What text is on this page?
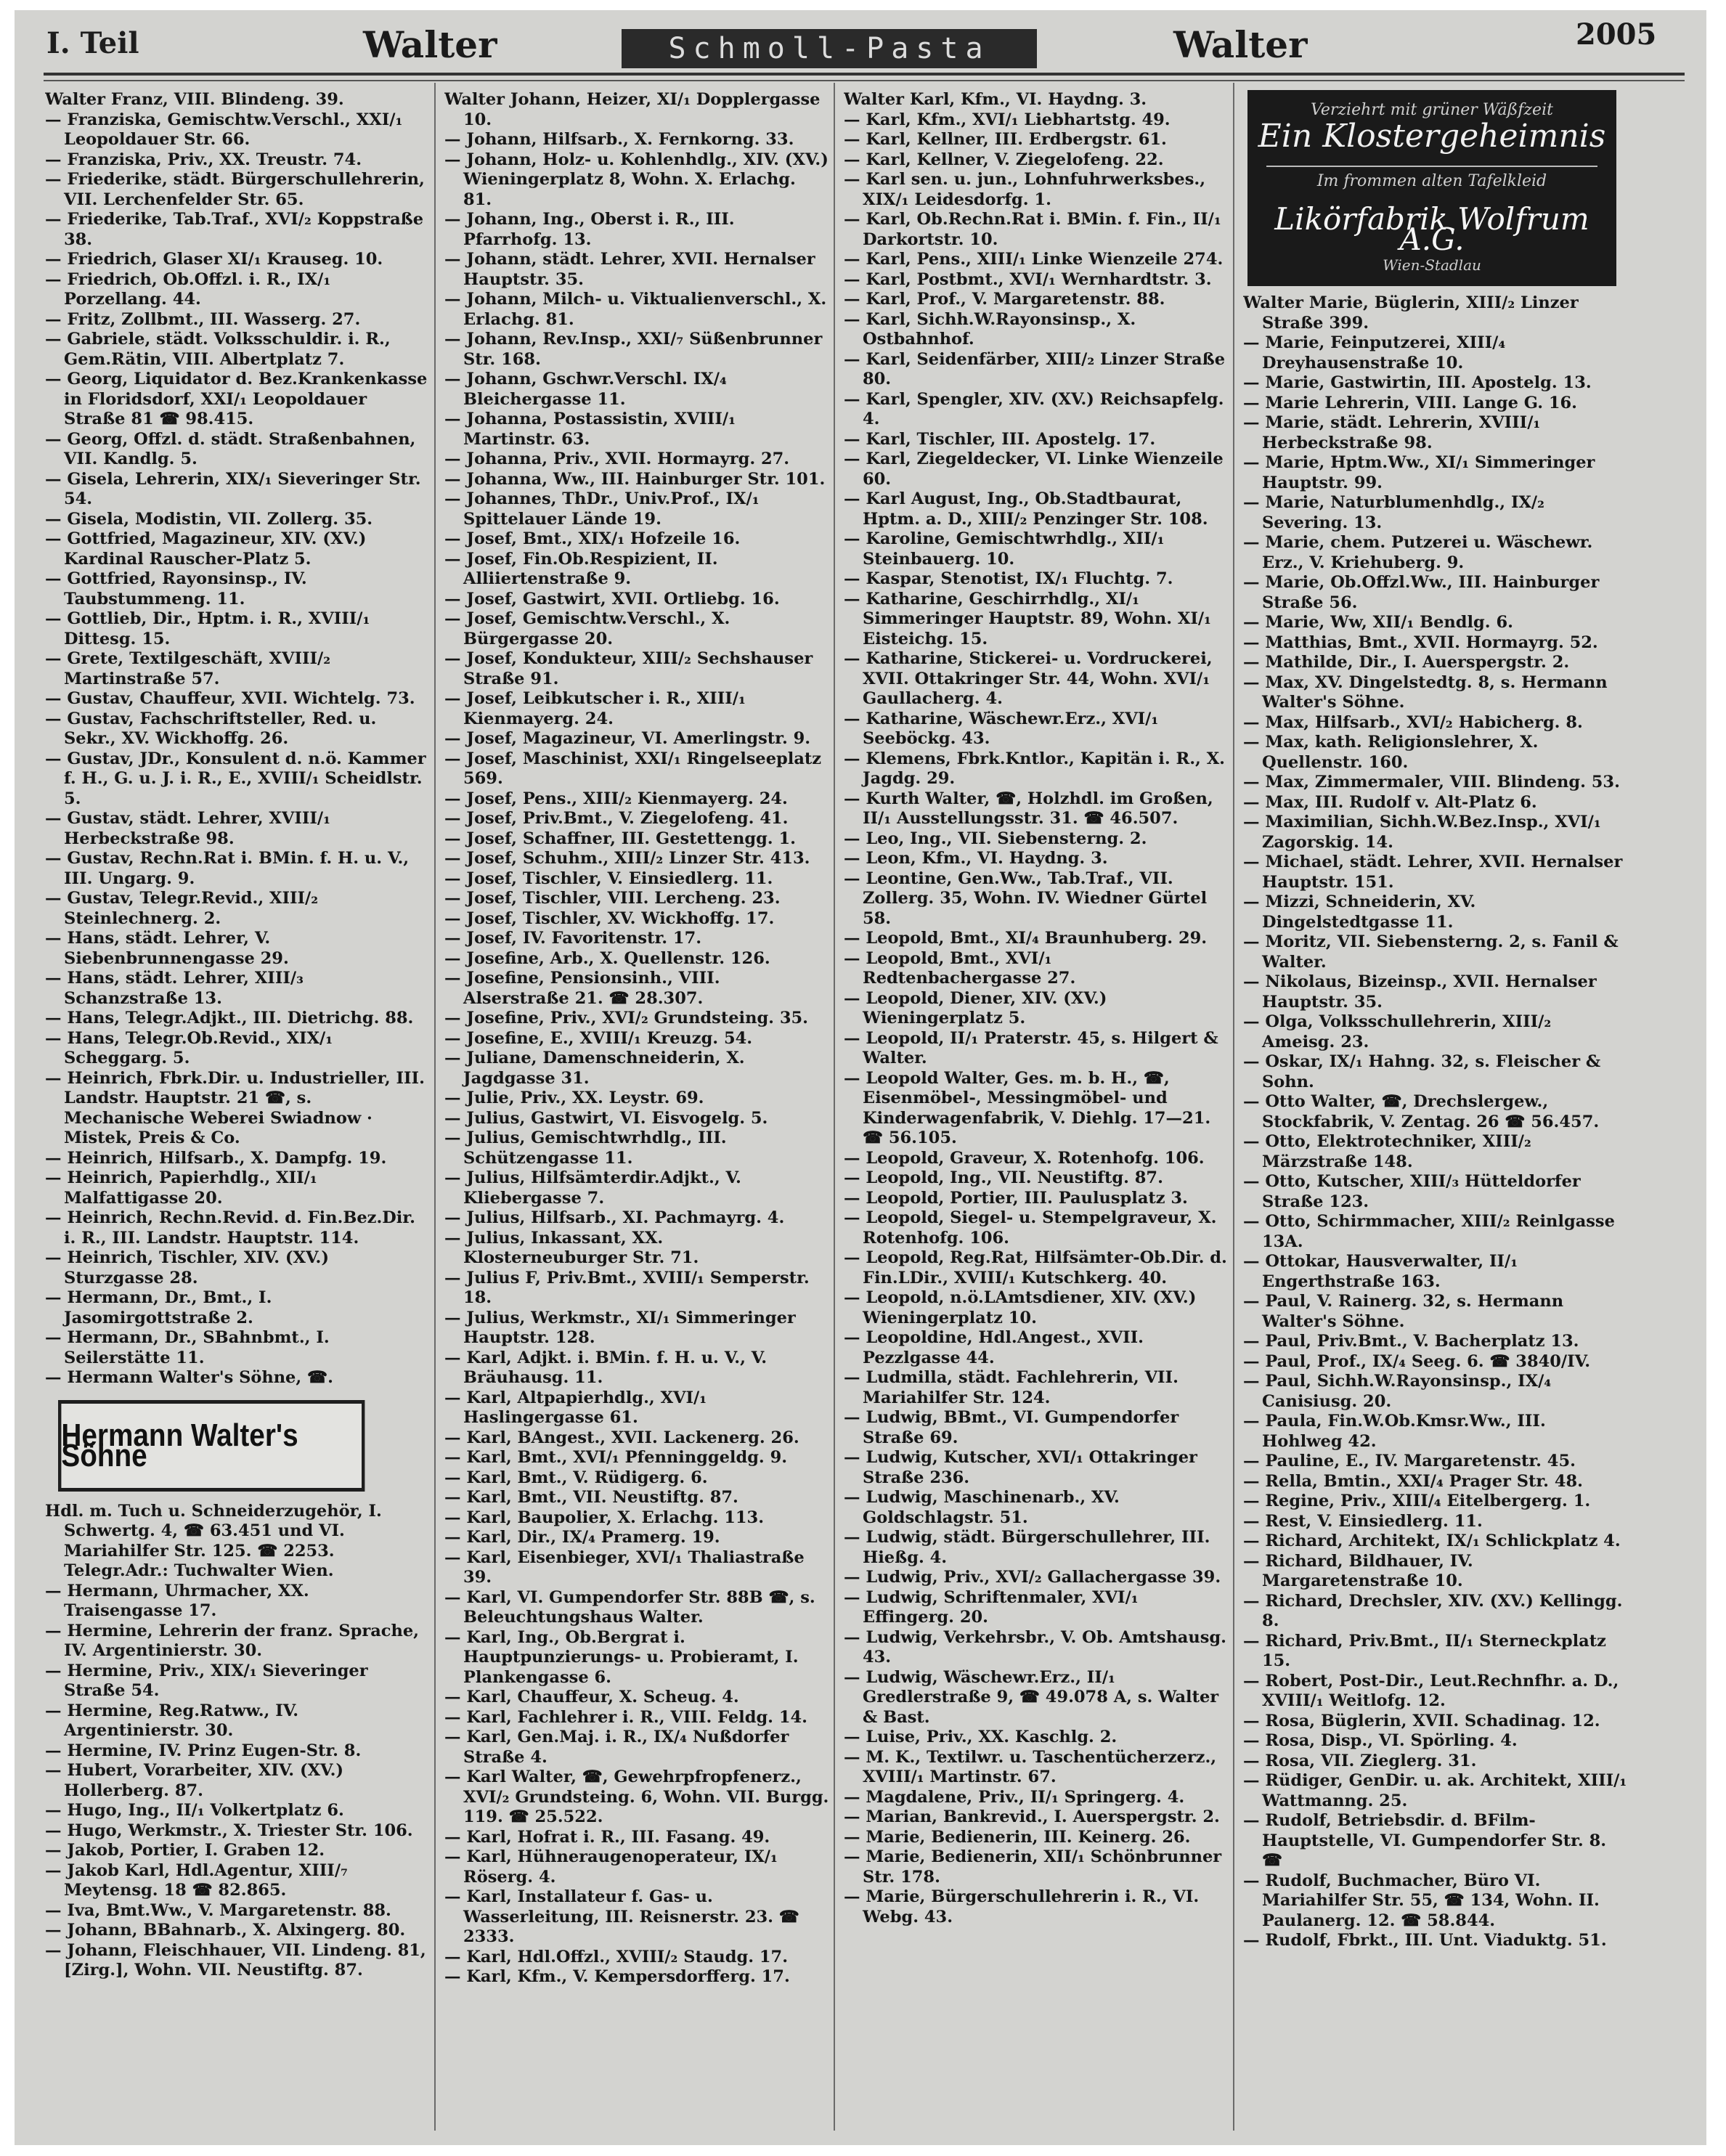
I. Teil	Walter	Schmoll-Pasta	Walter	2005
Walter Franz, VIII. Blindeng. 39.
— Franziska, Gemischtw.Verschl., XXI/₁ Leopoldauer Str. 66.
— Franziska, Priv., XX. Treustr. 74.
— Friederike, städt. Bürgerschullehrerin, VII. Lerchenfelder Str. 65.
— Friederike, Tab.Traf., XVI/₂ Koppstraße 38.
— Friedrich, Glaser XI/₁ Krauseg. 10.
— Friedrich, Ob.Offzl. i. R., IX/₁ Porzellang. 44.
— Fritz, Zollbmt., III. Wasserg. 27.
— Gabriele, städt. Volksschuldir. i. R., Gem.Rätin, VIII. Albertplatz 7.
— Georg, Liquidator d. Bez.Krankenkasse in Floridsdorf, XXI/₁ Leopoldauer Straße 81 ☎ 98.415.
— Georg, Offzl. d. städt. Straßenbahnen, VII. Kandlg. 5.
— Gisela, Lehrerin, XIX/₁ Sieveringer Str. 54.
— Gisela, Modistin, VII. Zollerg. 35.
— Gottfried, Magazineur, XIV. (XV.) Kardinal Rauscher-Platz 5.
— Gottfried, Rayonsinsp., IV. Taubstummeng. 11.
— Gottlieb, Dir., Hptm. i. R., XVIII/₁ Dittesg. 15.
— Grete, Textilgeschäft, XVIII/₂ Martinstraße 57.
— Gustav, Chauffeur, XVII. Wichtelg. 73.
— Gustav, Fachschriftsteller, Red. u. Sekr., XV. Wickhoffg. 26.
— Gustav, JDr., Konsulent d. n.ö. Kammer f. H., G. u. J. i. R., E., XVIII/₁ Scheidlstr. 5.
— Gustav, städt. Lehrer, XVIII/₁ Herbeckstraße 98.
— Gustav, Rechn.Rat i. BMin. f. H. u. V., III. Ungarg. 9.
— Gustav, Telegr.Revid., XIII/₂ Steinlechnerg. 2.
— Hans, städt. Lehrer, V. Siebenbrunnengasse 29.
— Hans, städt. Lehrer, XIII/₃ Schanzstraße 13.
— Hans, Telegr.Adjkt., III. Dietrichg. 88.
— Hans, Telegr.Ob.Revid., XIX/₁ Scheggarg. 5.
— Heinrich, Fbrk.Dir. u. Industrieller, III. Landstr. Hauptstr. 21 ☎, s. Mechanische Weberei Swiadnow · Mistek, Preis & Co.
— Heinrich, Hilfsarb., X. Dampfg. 19.
— Heinrich, Papierhdlg., XII/₁ Malfattigasse 20.
— Heinrich, Rechn.Revid. d. Fin.Bez.Dir. i. R., III. Landstr. Hauptstr. 114.
— Heinrich, Tischler, XIV. (XV.) Sturzgasse 28.
— Hermann, Dr., Bmt., I. Jasomirgottstraße 2.
— Hermann, Dr., SBahnbmt., I. Seilerstätte 11.
— Hermann Walter's Söhne, ☎.
Hermann Walter's Söhne
Hdl. m. Tuch u. Schneiderzugehör, I. Schwertg. 4, ☎ 63.451 und VI. Mariahilfer Str. 125. ☎ 2253. Telegr.Adr.: Tuchwalter Wien.
— Hermann, Uhrmacher, XX. Traisengasse 17.
— Hermine, Lehrerin der franz. Sprache, IV. Argentinierstr. 30.
— Hermine, Priv., XIX/₁ Sieveringer Straße 54.
— Hermine, Reg.Ratww., IV. Argentinierstr. 30.
— Hermine, IV. Prinz Eugen-Str. 8.
— Hubert, Vorarbeiter, XIV. (XV.) Hollerberg. 87.
— Hugo, Ing., II/₁ Volkertplatz 6.
— Hugo, Werkmstr., X. Triester Str. 106.
— Jakob, Portier, I. Graben 12.
— Jakob Karl, Hdl.Agentur, XIII/₇ Meytensg. 18 ☎ 82.865.
— Iva, Bmt.Ww., V. Margaretenstr. 88.
— Johann, BBahnarb., X. Alxingerg. 80.
— Johann, Fleischhauer, VII. Lindeng. 81, [Zirg.], Wohn. VII. Neustiftg. 87.
Walter Johann, Heizer, XI/₁ Dopplergasse 10.
— Johann, Hilfsarb., X. Fernkorng. 33.
— Johann, Holz- u. Kohlenhdlg., XIV. (XV.) Wieningerplatz 8, Wohn. X. Erlachg. 81.
— Johann, Ing., Oberst i. R., III. Pfarrhofg. 13.
— Johann, städt. Lehrer, XVII. Hernalser Hauptstr. 35.
— Johann, Milch- u. Viktualienverschl., X. Erlachg. 81.
— Johann, Rev.Insp., XXI/₇ Süßenbrunner Str. 168.
— Johann, Gschwr.Verschl. IX/₄ Bleichergasse 11.
— Johanna, Postassistin, XVIII/₁ Martinstr. 63.
— Johanna, Priv., XVII. Hormayrg. 27.
— Johanna, Ww., III. Hainburger Str. 101.
— Johannes, ThDr., Univ.Prof., IX/₁ Spittelauer Lände 19.
— Josef, Bmt., XIX/₁ Hofzeile 16.
— Josef, Fin.Ob.Respizient, II. Alliiertenstraße 9.
— Josef, Gastwirt, XVII. Ortliebg. 16.
— Josef, Gemischtw.Verschl., X. Bürgergasse 20.
— Josef, Kondukteur, XIII/₂ Sechshauser Straße 91.
— Josef, Leibkutscher i. R., XIII/₁ Kienmayerg. 24.
— Josef, Magazineur, VI. Amerlingstr. 9.
— Josef, Maschinist, XXI/₁ Ringelseeplatz 569.
— Josef, Pens., XIII/₂ Kienmayerg. 24.
— Josef, Priv.Bmt., V. Ziegelofeng. 41.
— Josef, Schaffner, III. Gestettengg. 1.
— Josef, Schuhm., XIII/₂ Linzer Str. 413.
— Josef, Tischler, V. Einsiedlerg. 11.
— Josef, Tischler, VIII. Lercheng. 23.
— Josef, Tischler, XV. Wickhoffg. 17.
— Josef, IV. Favoritenstr. 17.
— Josefine, Arb., X. Quellenstr. 126.
— Josefine, Pensionsinh., VIII. Alserstraße 21. ☎ 28.307.
— Josefine, Priv., XVI/₂ Grundsteing. 35.
— Josefine, E., XVIII/₁ Kreuzg. 54.
— Juliane, Damenschneiderin, X. Jagdgasse 31.
— Julie, Priv., XX. Leystr. 69.
— Julius, Gastwirt, VI. Eisvogelg. 5.
— Julius, Gemischtwrhdlg., III. Schützengasse 11.
— Julius, Hilfsämterdir.Adjkt., V. Kliebergasse 7.
— Julius, Hilfsarb., XI. Pachmayrg. 4.
— Julius, Inkassant, XX. Klosterneuburger Str. 71.
— Julius F, Priv.Bmt., XVIII/₁ Semperstr. 18.
— Julius, Werkmstr., XI/₁ Simmeringer Hauptstr. 128.
— Karl, Adjkt. i. BMin. f. H. u. V., V. Bräuhausg. 11.
— Karl, Altpapierhdlg., XVI/₁ Haslingergasse 61.
— Karl, BAngest., XVII. Lackenerg. 26.
— Karl, Bmt., XVI/₁ Pfenninggeldg. 9.
— Karl, Bmt., V. Rüdigerg. 6.
— Karl, Bmt., VII. Neustiftg. 87.
— Karl, Baupolier, X. Erlachg. 113.
— Karl, Dir., IX/₄ Pramerg. 19.
— Karl, Eisenbieger, XVI/₁ Thaliastraße 39.
— Karl, VI. Gumpendorfer Str. 88B ☎, s. Beleuchtungshaus Walter.
— Karl, Ing., Ob.Bergrat i. Hauptpunzierungs- u. Probieramt, I. Plankengasse 6.
— Karl, Chauffeur, X. Scheug. 4.
— Karl, Fachlehrer i. R., VIII. Feldg. 14.
— Karl, Gen.Maj. i. R., IX/₄ Nußdorfer Straße 4.
— Karl Walter, ☎, Gewehrpfropfenerz., XVI/₂ Grundsteing. 6, Wohn. VII. Burgg. 119. ☎ 25.522.
— Karl, Hofrat i. R., III. Fasang. 49.
— Karl, Hühneraugenoperateur, IX/₁ Röserg. 4.
— Karl, Installateur f. Gas- u. Wasserleitung, III. Reisnerstr. 23. ☎ 2333.
— Karl, Hdl.Offzl., XVIII/₂ Staudg. 17.
— Karl, Kfm., V. Kempersdorfferg. 17.
Walter Karl, Kfm., VI. Haydng. 3.
— Karl, Kfm., XVI/₁ Liebhartstg. 49.
— Karl, Kellner, III. Erdbergstr. 61.
— Karl, Kellner, V. Ziegelofeng. 22.
— Karl sen. u. jun., Lohnfuhrwerksbes., XIX/₁ Leidesdorfg. 1.
— Karl, Ob.Rechn.Rat i. BMin. f. Fin., II/₁ Darkortstr. 10.
— Karl, Pens., XIII/₁ Linke Wienzeile 274.
— Karl, Postbmt., XVI/₁ Wernhardtstr. 3.
— Karl, Prof., V. Margaretenstr. 88.
— Karl, Sichh.W.Rayonsinsp., X. Ostbahnhof.
— Karl, Seidenfärber, XIII/₂ Linzer Straße 80.
— Karl, Spengler, XIV. (XV.) Reichsapfelg. 4.
— Karl, Tischler, III. Apostelg. 17.
— Karl, Ziegeldecker, VI. Linke Wienzeile 60.
— Karl August, Ing., Ob.Stadtbaurat, Hptm. a. D., XIII/₂ Penzinger Str. 108.
— Karoline, Gemischtwrhdlg., XII/₁ Steinbauerg. 10.
— Kaspar, Stenotist, IX/₁ Fluchtg. 7.
— Katharine, Geschirrhdlg., XI/₁ Simmeringer Hauptstr. 89, Wohn. XI/₁ Eisteichg. 15.
— Katharine, Stickerei- u. Vordruckerei, XVII. Ottakringer Str. 44, Wohn. XVI/₁ Gaullacherg. 4.
— Katharine, Wäschewr.Erz., XVI/₁ Seeböckg. 43.
— Klemens, Fbrk.Kntlor., Kapitän i. R., X. Jagdg. 29.
— Kurth Walter, ☎, Holzhdl. im Großen, II/₁ Ausstellungsstr. 31. ☎ 46.507.
— Leo, Ing., VII. Siebensterng. 2.
— Leon, Kfm., VI. Haydng. 3.
— Leontine, Gen.Ww., Tab.Traf., VII. Zollerg. 35, Wohn. IV. Wiedner Gürtel 58.
— Leopold, Bmt., XI/₄ Braunhuberg. 29.
— Leopold, Bmt., XVI/₁ Redtenbachergasse 27.
— Leopold, Diener, XIV. (XV.) Wieningerplatz 5.
— Leopold, II/₁ Praterstr. 45, s. Hilgert & Walter.
— Leopold Walter, Ges. m. b. H., ☎, Eisenmöbel-, Messingmöbel- und Kinderwagenfabrik, V. Diehlg. 17—21. ☎ 56.105.
— Leopold, Graveur, X. Rotenhofg. 106.
— Leopold, Ing., VII. Neustiftg. 87.
— Leopold, Portier, III. Paulusplatz 3.
— Leopold, Siegel- u. Stempelgraveur, X. Rotenhofg. 106.
— Leopold, Reg.Rat, Hilfsämter-Ob.Dir. d. Fin.LDir., XVIII/₁ Kutschkerg. 40.
— Leopold, n.ö.LAmtsdiener, XIV. (XV.) Wieningerplatz 10.
— Leopoldine, Hdl.Angest., XVII. Pezzlgasse 44.
— Ludmilla, städt. Fachlehrerin, VII. Mariahilfer Str. 124.
— Ludwig, BBmt., VI. Gumpendorfer Straße 69.
— Ludwig, Kutscher, XVI/₁ Ottakringer Straße 236.
— Ludwig, Maschinenarb., XV. Goldschlagstr. 51.
— Ludwig, städt. Bürgerschullehrer, III. Hießg. 4.
— Ludwig, Priv., XVI/₂ Gallachergasse 39.
— Ludwig, Schriftenmaler, XVI/₁ Effingerg. 20.
— Ludwig, Verkehrsbr., V. Ob. Amtshausg. 43.
— Ludwig, Wäschewr.Erz., II/₁ Gredlerstraße 9, ☎ 49.078 A, s. Walter & Bast.
— Luise, Priv., XX. Kaschlg. 2.
— M. K., Textilwr. u. Taschentücherzerz., XVIII/₁ Martinstr. 67.
— Magdalene, Priv., II/₁ Springerg. 4.
— Marian, Bankrevid., I. Auerspergstr. 2.
— Marie, Bedienerin, III. Keinerg. 26.
— Marie, Bedienerin, XII/₁ Schönbrunner Str. 178.
— Marie, Bürgerschullehrerin i. R., VI. Webg. 43.
Verziehrt mit grüner Wäßfzeit
Ein Klostergeheimnis
Im frommen alten Tafelkleid
Likörfabrik Wolfrum A.G.
Wien-Stadlau
Walter Marie, Büglerin, XIII/₂ Linzer Straße 399.
— Marie, Feinputzerei, XIII/₄ Dreyhausenstraße 10.
— Marie, Gastwirtin, III. Apostelg. 13.
— Marie Lehrerin, VIII. Lange G. 16.
— Marie, städt. Lehrerin, XVIII/₁ Herbeckstraße 98.
— Marie, Hptm.Ww., XI/₁ Simmeringer Hauptstr. 99.
— Marie, Naturblumenhdlg., IX/₂ Severing. 13.
— Marie, chem. Putzerei u. Wäschewr. Erz., V. Kriehuberg. 9.
— Marie, Ob.Offzl.Ww., III. Hainburger Straße 56.
— Marie, Ww, XII/₁ Bendlg. 6.
— Matthias, Bmt., XVII. Hormayrg. 52.
— Mathilde, Dir., I. Auerspergstr. 2.
— Max, XV. Dingelstedtg. 8, s. Hermann Walter's Söhne.
— Max, Hilfsarb., XVI/₂ Habicherg. 8.
— Max, kath. Religionslehrer, X. Quellenstr. 160.
— Max, Zimmermaler, VIII. Blindeng. 53.
— Max, III. Rudolf v. Alt-Platz 6.
— Maximilian, Sichh.W.Bez.Insp., XVI/₁ Zagorskig. 14.
— Michael, städt. Lehrer, XVII. Hernalser Hauptstr. 151.
— Mizzi, Schneiderin, XV. Dingelstedtgasse 11.
— Moritz, VII. Siebensterng. 2, s. Fanil & Walter.
— Nikolaus, Bizeinsp., XVII. Hernalser Hauptstr. 35.
— Olga, Volksschullehrerin, XIII/₂ Ameisg. 23.
— Oskar, IX/₁ Hahng. 32, s. Fleischer & Sohn.
— Otto Walter, ☎, Drechslergew., Stockfabrik, V. Zentag. 26 ☎ 56.457.
— Otto, Elektrotechniker, XIII/₂ Märzstraße 148.
— Otto, Kutscher, XIII/₃ Hütteldorfer Straße 123.
— Otto, Schirmmacher, XIII/₂ Reinlgasse 13A.
— Ottokar, Hausverwalter, II/₁ Engerthstraße 163.
— Paul, V. Rainerg. 32, s. Hermann Walter's Söhne.
— Paul, Priv.Bmt., V. Bacherplatz 13.
— Paul, Prof., IX/₄ Seeg. 6. ☎ 3840/IV.
— Paul, Sichh.W.Rayonsinsp., IX/₄ Canisiusg. 20.
— Paula, Fin.W.Ob.Kmsr.Ww., III. Hohlweg 42.
— Pauline, E., IV. Margaretenstr. 45.
— Rella, Bmtin., XXI/₄ Prager Str. 48.
— Regine, Priv., XIII/₄ Eitelbergerg. 1.
— Rest, V. Einsiedlerg. 11.
— Richard, Architekt, IX/₁ Schlickplatz 4.
— Richard, Bildhauer, IV. Margaretenstraße 10.
— Richard, Drechsler, XIV. (XV.) Kellingg. 8.
— Richard, Priv.Bmt., II/₁ Sterneckplatz 15.
— Robert, Post-Dir., Leut.Rechnfhr. a. D., XVIII/₁ Weitlofg. 12.
— Rosa, Büglerin, XVII. Schadinag. 12.
— Rosa, Disp., VI. Spörling. 4.
— Rosa, VII. Zieglerg. 31.
— Rüdiger, GenDir. u. ak. Architekt, XIII/₁ Wattmanng. 25.
— Rudolf, Betriebsdir. d. BFilm-Hauptstelle, VI. Gumpendorfer Str. 8. ☎
— Rudolf, Buchmacher, Büro VI. Mariahilfer Str. 55, ☎ 134, Wohn. II. Paulanerg. 12. ☎ 58.844.
— Rudolf, Fbrkt., III. Unt. Viaduktg. 51.
